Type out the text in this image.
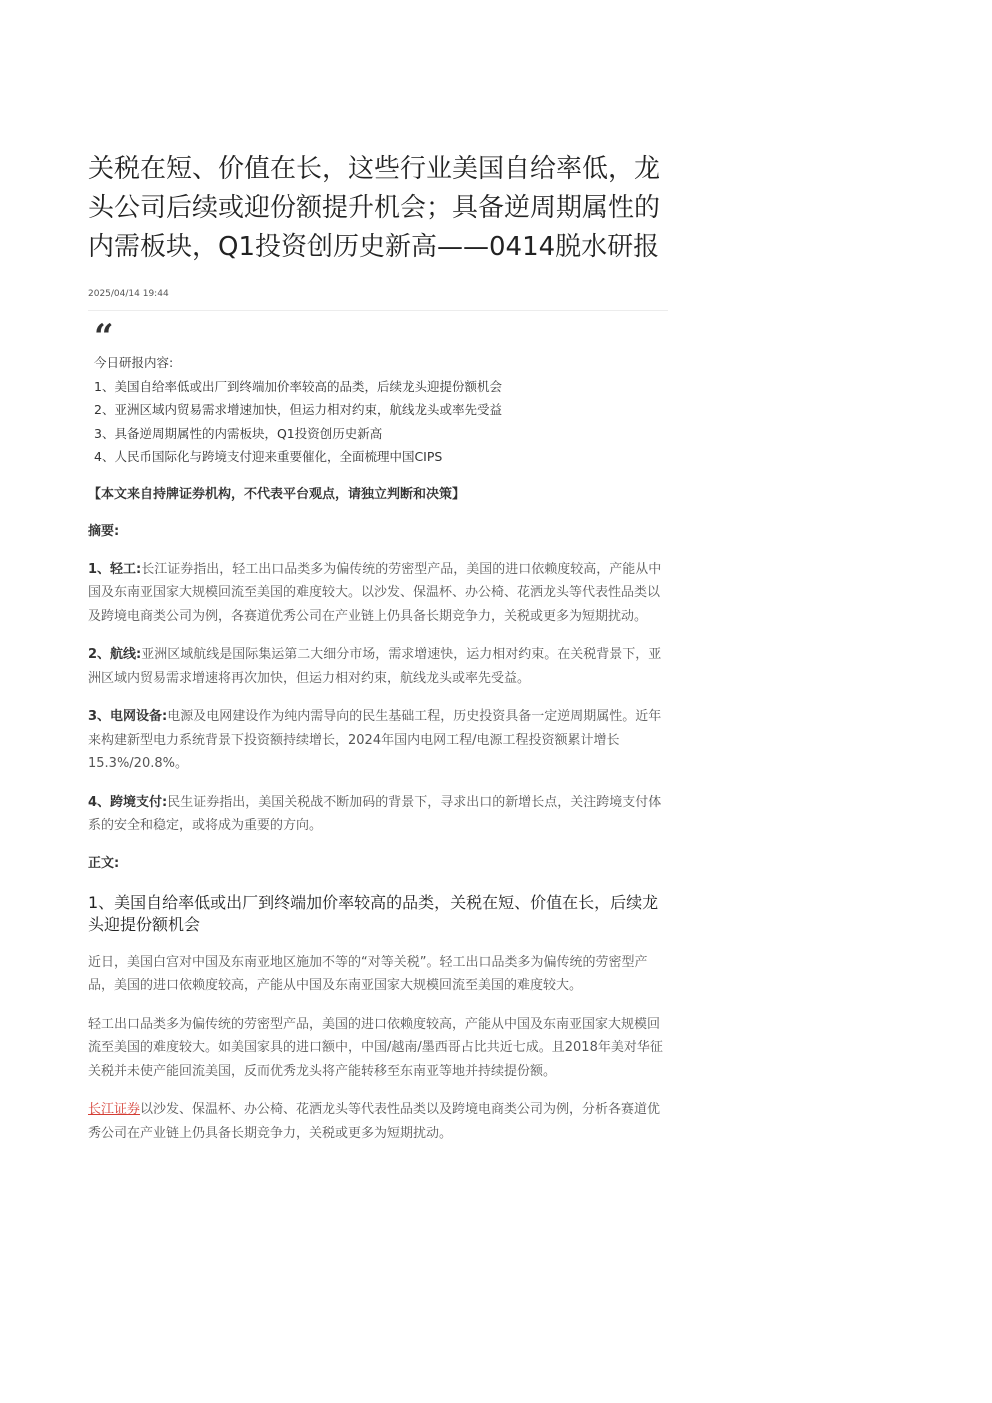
关税在短、价值在长，这些行业美国自给率低，龙头公司后续或迎份额提升机会；具备逆周期属性的内需板块，Q1投资创历史新高——0414脱水研报
2025/04/14 19:44
“
今日研报内容:
1、美国自给率低或出厂到终端加价率较高的品类，后续龙头迎提份额机会
2、亚洲区域内贸易需求增速加快，但运力相对约束，航线龙头或率先受益
3、具备逆周期属性的内需板块，Q1投资创历史新高
4、人民币国际化与跨境支付迎来重要催化，全面梳理中国CIPS
【本文来自持牌证券机构，不代表平台观点，请独立判断和决策】
摘要:
1、轻工:长江证券指出，轻工出口品类多为偏传统的劳密型产品，美国的进口依赖度较高，产能从中国及东南亚国家大规模回流至美国的难度较大。以沙发、保温杯、办公椅、花洒龙头等代表性品类以及跨境电商类公司为例，各赛道优秀公司在产业链上仍具备长期竞争力，关税或更多为短期扰动。
2、航线:亚洲区域航线是国际集运第二大细分市场，需求增速快，运力相对约束。在关税背景下，亚洲区域内贸易需求增速将再次加快，但运力相对约束，航线龙头或率先受益。
3、电网设备:电源及电网建设作为纯内需导向的民生基础工程，历史投资具备一定逆周期属性。近年来构建新型电力系统背景下投资额持续增长，2024年国内电网工程/电源工程投资额累计增长15.3%/20.8%。
4、跨境支付:民生证券指出，美国关税战不断加码的背景下，寻求出口的新增长点，关注跨境支付体系的安全和稳定，或将成为重要的方向。
正文:
1、美国自给率低或出厂到终端加价率较高的品类，关税在短、价值在长，后续龙头迎提份额机会
近日，美国白宫对中国及东南亚地区施加不等的“对等关税”。轻工出口品类多为偏传统的劳密型产品，美国的进口依赖度较高，产能从中国及东南亚国家大规模回流至美国的难度较大。
轻工出口品类多为偏传统的劳密型产品，美国的进口依赖度较高，产能从中国及东南亚国家大规模回流至美国的难度较大。如美国家具的进口额中，中国/越南/墨西哥占比共近七成。且2018年美对华征关税并未使产能回流美国，反而优秀龙头将产能转移至东南亚等地并持续提份额。
长江证券以沙发、保温杯、办公椅、花洒龙头等代表性品类以及跨境电商类公司为例，分析各赛道优秀公司在产业链上仍具备长期竞争力，关税或更多为短期扰动。
